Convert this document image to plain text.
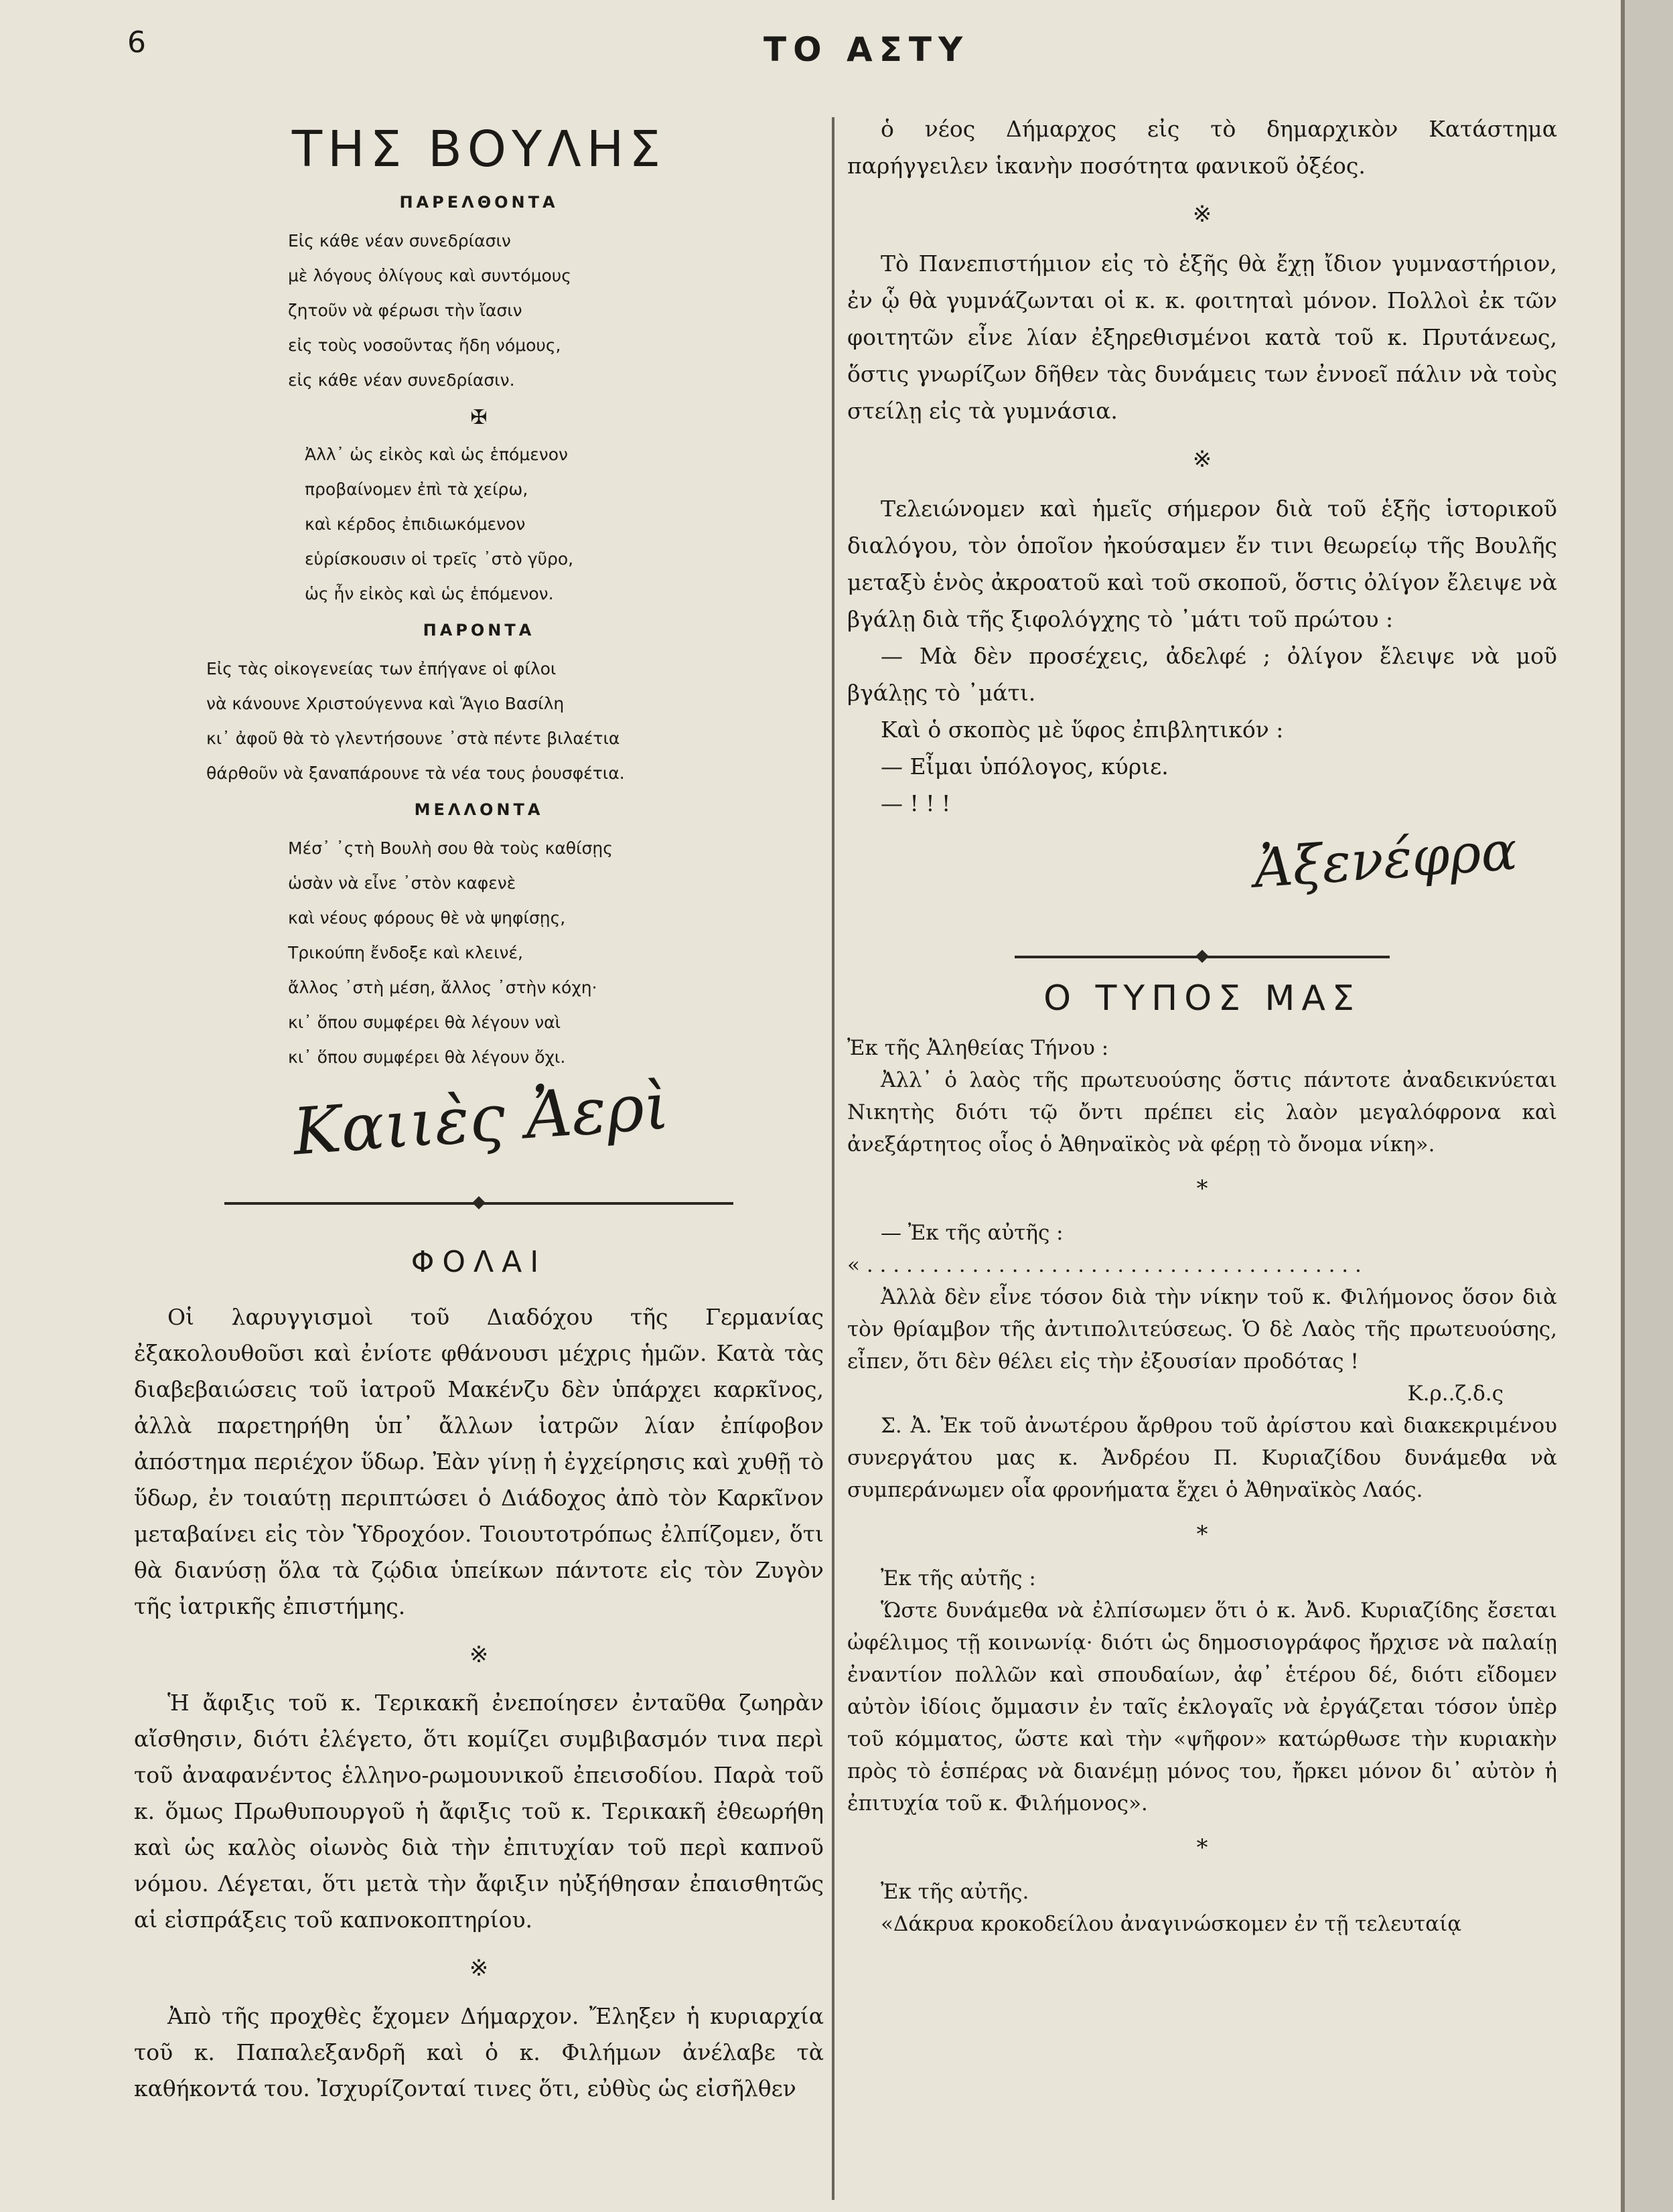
6	ΤΟ ΑΣΤΥ
ΤΗΣ ΒΟΥΛΗΣ
ΠΑΡΕΛΘΟΝΤΑ
Εἰς κάθε νέαν συνεδρίασιν
μὲ λόγους ὀλίγους καὶ συντόμους
ζητοῦν νὰ φέρωσι τὴν ἴασιν
εἰς τοὺς νοσοῦντας ἤδη νόμους,
εἰς κάθε νέαν συνεδρίασιν.
✠
Ἀλλ᾽ ὡς εἰκὸς καὶ ὡς ἑπόμενον
προβαίνομεν ἐπὶ τὰ χείρω,
καὶ κέρδος ἐπιδιωκόμενον
εὑρίσκουσιν οἱ τρεῖς ᾽στὸ γῦρο,
ὡς ἦν εἰκὸς καὶ ὡς ἑπόμενον.
ΠΑΡΟΝΤΑ
Εἰς τὰς οἰκογενείας των ἐπήγανε οἱ φίλοι
νὰ κάνουνε Χριστούγεννα καὶ Ἅγιο Βασίλη
κι᾽ ἀφοῦ θὰ τὸ γλεντήσουνε ᾽στὰ πέντε βιλαέτια
θάρθοῦν νὰ ξαναπάρουνε τὰ νέα τους ῥουσφέτια.
ΜΕΛΛΟΝΤΑ
Μέσ᾽ ᾽ςτὴ Βουλὴ σου θὰ τοὺς καθίσῃς
ὡσὰν νὰ εἶνε ᾽στὸν καφενὲ
καὶ νέους φόρους θὲ νὰ ψηφίσῃς,
Τρικούπη ἔνδοξε καὶ κλεινέ,
ἄλλος ᾽στὴ μέση, ἄλλος ᾽στὴν κόχη·
κι᾽ ὅπου συμφέρει θὰ λέγουν ναὶ
κι᾽ ὅπου συμφέρει θὰ λέγουν ὄχι.
Καιιὲς Ἀερὶ
ΦΟΛΑΙ

Οἱ λαρυγγισμοὶ τοῦ Διαδόχου τῆς Γερμανίας ἐξακολουθοῦσι καὶ ἐνίοτε φθάνουσι μέχρις ἡμῶν. Κατὰ τὰς διαβεβαιώσεις τοῦ ἰατροῦ Μακένζυ δὲν ὑπάρχει καρκῖνος, ἀλλὰ παρετηρήθη ὑπ᾽ ἄλλων ἰατρῶν λίαν ἐπίφοβον ἀπόστημα περιέχον ὕδωρ. Ἐὰν γίνῃ ἡ ἐγχείρησις καὶ χυθῇ τὸ ὕδωρ, ἐν τοιαύτῃ περιπτώσει ὁ Διάδοχος ἀπὸ τὸν Καρκῖνον μεταβαίνει εἰς τὸν Ὑδροχόον. Τοιουτοτρόπως ἐλπίζομεν, ὅτι θὰ διανύσῃ ὅλα τὰ ζῴδια ὑπείκων πάντοτε εἰς τὸν Ζυγὸν τῆς ἰατρικῆς ἐπιστήμης.

※

Ἡ ἄφιξις τοῦ κ. Τερικακῆ ἐνεποίησεν ἐνταῦθα ζωηρὰν αἴσθησιν, διότι ἐλέγετο, ὅτι κομίζει συμβιβασμόν τινα περὶ τοῦ ἀναφανέντος ἑλληνο-ρωμουνικοῦ ἐπεισοδίου. Παρὰ τοῦ κ. ὅμως Πρωθυπουργοῦ ἡ ἄφιξις τοῦ κ. Τερικακῆ ἐθεωρήθη καὶ ὡς καλὸς οἰωνὸς διὰ τὴν ἐπιτυχίαν τοῦ περὶ καπνοῦ νόμου. Λέγεται, ὅτι μετὰ τὴν ἄφιξιν ηὐξήθησαν ἐπαισθητῶς αἱ εἰσπράξεις τοῦ καπνοκοπτηρίου.

※

Ἀπὸ τῆς προχθὲς ἔχομεν Δήμαρχον. Ἔληξεν ἡ κυριαρχία τοῦ κ. Παπαλεξανδρῆ καὶ ὁ κ. Φιλήμων ἀνέλαβε τὰ καθήκοντά του. Ἰσχυρίζονταί τινες ὅτι, εὐθὺς ὡς εἰσῆλθεν

ὁ νέος Δήμαρχος εἰς τὸ δημαρχικὸν Κατάστημα παρήγγειλεν ἱκανὴν ποσότητα φανικοῦ ὀξέος.

※

Τὸ Πανεπιστήμιον εἰς τὸ ἑξῆς θὰ ἔχῃ ἴδιον γυμναστήριον, ἐν ᾧ θὰ γυμνάζωνται οἱ κ. κ. φοιτηταὶ μόνον. Πολλοὶ ἐκ τῶν φοιτητῶν εἶνε λίαν ἐξηρεθισμένοι κατὰ τοῦ κ. Πρυτάνεως, ὅστις γνωρίζων δῆθεν τὰς δυνάμεις των ἐννοεῖ πάλιν νὰ τοὺς στείλῃ εἰς τὰ γυμνάσια.

※

Τελειώνομεν καὶ ἡμεῖς σήμερον διὰ τοῦ ἑξῆς ἱστορικοῦ διαλόγου, τὸν ὁποῖον ἠκούσαμεν ἔν τινι θεωρείῳ τῆς Βουλῆς μεταξὺ ἑνὸς ἀκροατοῦ καὶ τοῦ σκοποῦ, ὅστις ὀλίγον ἔλειψε νὰ βγάλῃ διὰ τῆς ξιφολόγχης τὸ ᾽μάτι τοῦ πρώτου :

— Μὰ δὲν προσέχεις, ἀδελφέ ; ὀλίγον ἔλειψε νὰ μοῦ βγάλῃς τὸ ᾽μάτι.

Καὶ ὁ σκοπὸς μὲ ὕφος ἐπιβλητικόν :

— Εἶμαι ὑπόλογος, κύριε.

— ! ! !

Ἀξενέφρα
Ο ΤΥΠΟΣ ΜΑΣ

Ἐκ τῆς Ἀληθείας Τήνου :

Ἀλλ᾽ ὁ λαὸς τῆς πρωτευούσης ὅστις πάντοτε ἀναδεικνύεται Νικητὴς διότι τῷ ὄντι πρέπει εἰς λαὸν μεγαλόφρονα καὶ ἀνεξάρτητος οἷος ὁ Ἀθηναϊκὸς νὰ φέρῃ τὸ ὄνομα νίκη».

*

— Ἐκ τῆς αὐτῆς :

« . . . . . . . . . . . . . . . . . . . . . . . . . . . . . . . . . . . . . .

Ἀλλὰ δὲν εἶνε τόσον διὰ τὴν νίκην τοῦ κ. Φιλήμονος ὅσον διὰ τὸν θρίαμβον τῆς ἀντιπολιτεύσεως. Ὁ δὲ Λαὸς τῆς πρωτευούσης, εἶπεν, ὅτι δὲν θέλει εἰς τὴν ἐξουσίαν προδότας !

Κ.ρ..ζ.δ.ς

Σ. Ἀ. Ἐκ τοῦ ἀνωτέρου ἄρθρου τοῦ ἀρίστου καὶ διακεκριμένου συνεργάτου μας κ. Ἀνδρέου Π. Κυριαζίδου δυνάμεθα νὰ συμπεράνωμεν οἷα φρονήματα ἔχει ὁ Ἀθηναϊκὸς Λαός.

*

Ἐκ τῆς αὐτῆς :

Ὥστε δυνάμεθα νὰ ἐλπίσωμεν ὅτι ὁ κ. Ἀνδ. Κυριαζίδης ἔσεται ὠφέλιμος τῇ κοινωνίᾳ· διότι ὡς δημοσιογράφος ἤρχισε νὰ παλαίῃ ἐναντίον πολλῶν καὶ σπουδαίων, ἀφ᾽ ἑτέρου δέ, διότι εἴδομεν αὐτὸν ἰδίοις ὄμμασιν ἐν ταῖς ἐκλογαῖς νὰ ἐργάζεται τόσον ὑπὲρ τοῦ κόμματος, ὥστε καὶ τὴν «ψῆφον» κατώρθωσε τὴν κυριακὴν πρὸς τὸ ἑσπέρας νὰ διανέμῃ μόνος του, ἤρκει μόνον δι᾽ αὐτὸν ἡ ἐπιτυχία τοῦ κ. Φιλήμονος».

*

Ἐκ τῆς αὐτῆς.

«Δάκρυα κροκοδείλου ἀναγινώσκομεν ἐν τῇ τελευταίᾳ
